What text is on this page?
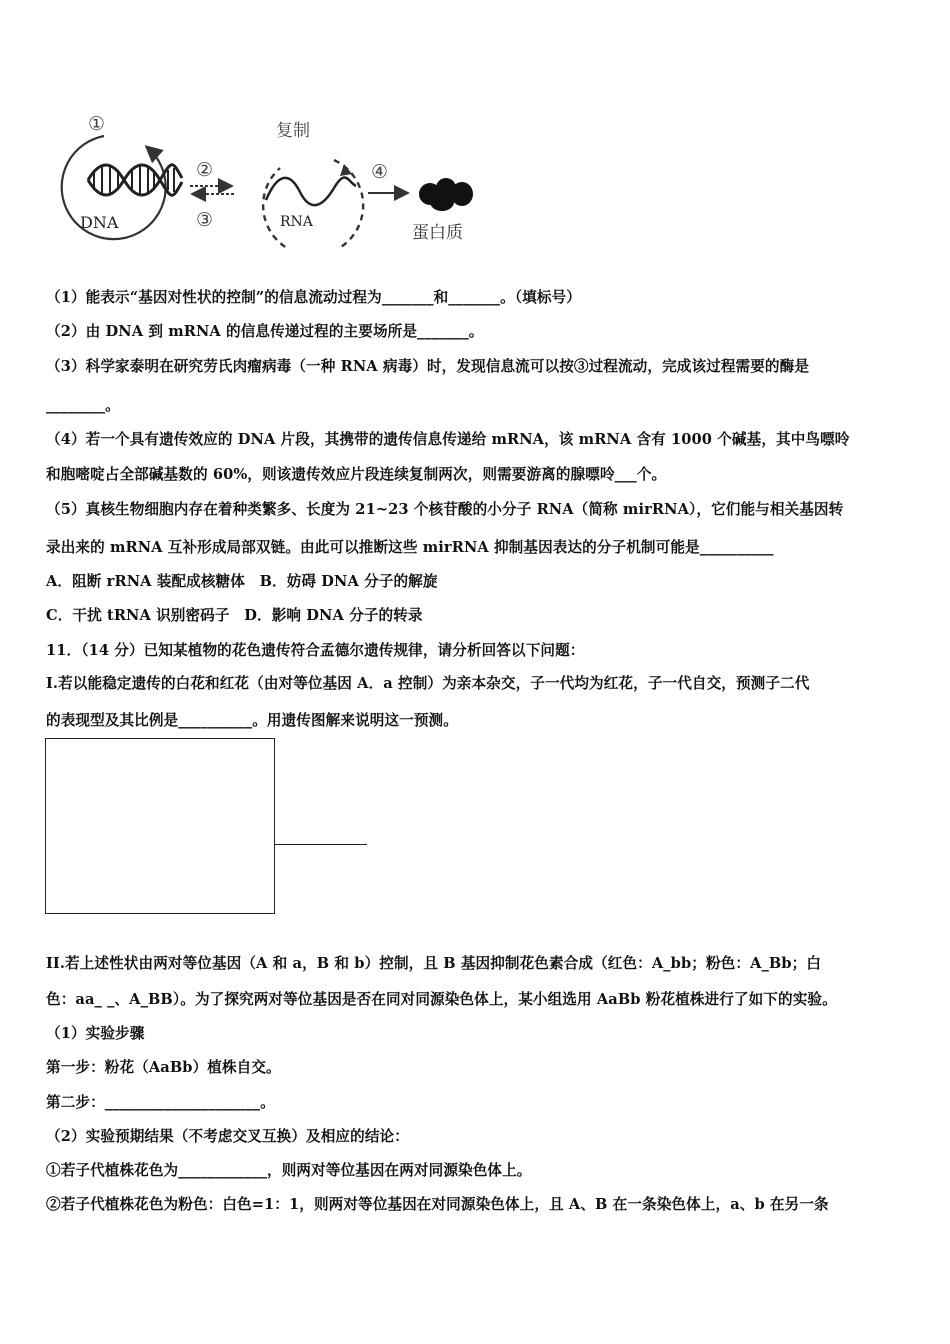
①
DNA
②
③
复制
RNA
④
蛋白质
（1）能表示“基因对性状的控制”的信息流动过程为_______和_______。（填标号）
（2）由 DNA 到 mRNA 的信息传递过程的主要场所是_______。
（3）科学家泰明在研究劳氏肉瘤病毒（一种 RNA 病毒）时，发现信息流可以按③过程流动，完成该过程需要的酶是
________。
（4）若一个具有遗传效应的 DNA 片段，其携带的遗传信息传递给 mRNA，该 mRNA 含有 1000 个碱基，其中鸟嘌呤
和胞嘧啶占全部碱基数的 60%，则该遗传效应片段连续复制两次，则需要游离的腺嘌呤___个。
（5）真核生物细胞内存在着种类繁多、长度为 21~23 个核苷酸的小分子 RNA（简称 mirRNA），它们能与相关基因转
录出来的 mRNA 互补形成局部双链。由此可以推断这些 mirRNA 抑制基因表达的分子机制可能是__________
A．阻断 rRNA 装配成核糖体　B．妨碍 DNA 分子的解旋
C．干扰 tRNA 识别密码子　D．影响 DNA 分子的转录
11．（14 分）已知某植物的花色遗传符合孟德尔遗传规律，请分析回答以下问题：
I.若以能稳定遗传的白花和红花（由对等位基因 A．a 控制）为亲本杂交，子一代均为红花，子一代自交，预测子二代
的表现型及其比例是__________。用遗传图解来说明这一预测。
II.若上述性状由两对等位基因（A 和 a，B 和 b）控制，且 B 基因抑制花色素合成（红色：A_bb；粉色：A_Bb；白
色：aa_ _、A_BB）。为了探究两对等位基因是否在同对同源染色体上，某小组选用 AaBb 粉花植株进行了如下的实验。
（1）实验步骤
第一步：粉花（AaBb）植株自交。
第二步：_____________________。
（2）实验预期结果（不考虑交叉互换）及相应的结论：
①若子代植株花色为____________，则两对等位基因在两对同源染色体上。
②若子代植株花色为粉色：白色=1：1，则两对等位基因在对同源染色体上，且 A、B 在一条染色体上，a、b 在另一条
